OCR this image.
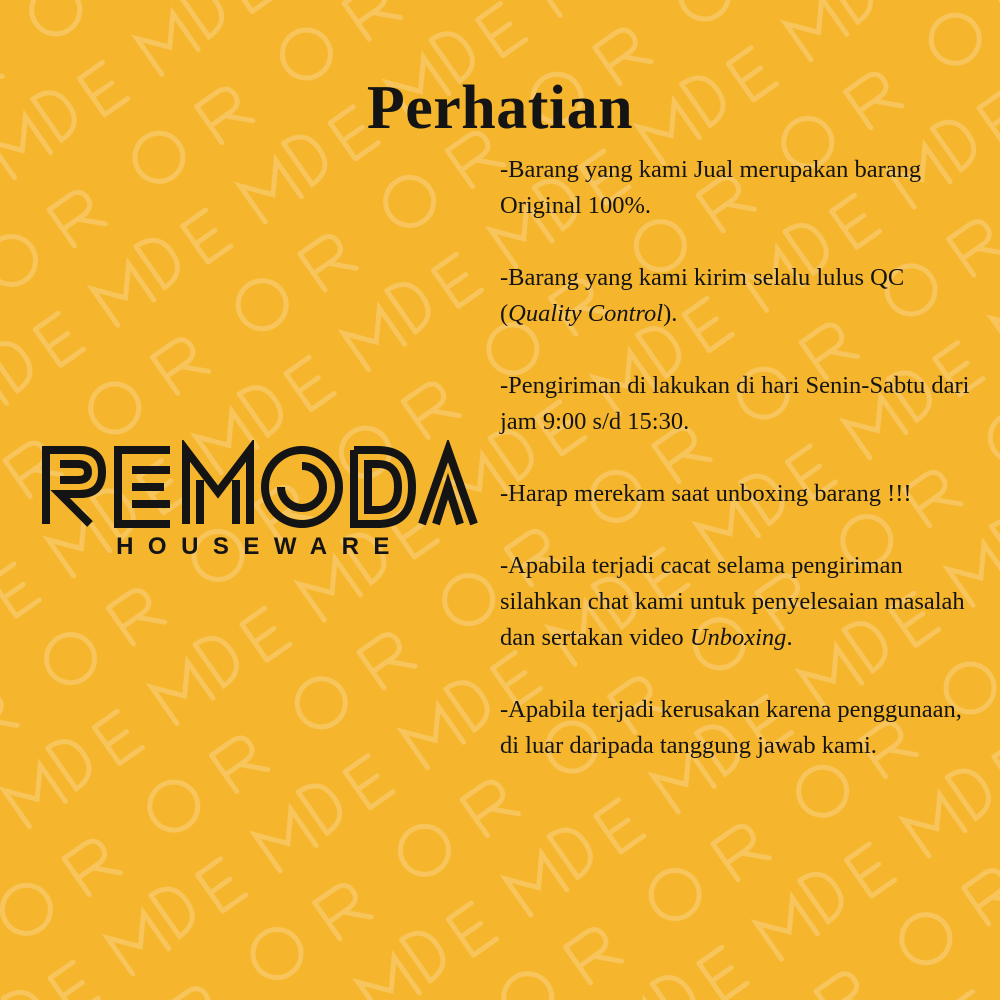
Perhatian
HOUSEWARE
-Barang yang kami Jual merupakan barang Original 100%.
-Barang yang kami kirim selalu lulus QC (Quality Control).
-Pengiriman di lakukan di hari Senin-Sabtu dari jam 9:00 s/d 15:30.
-Harap merekam saat unboxing barang !!!
-Apabila terjadi cacat selama pengiriman silahkan chat kami untuk penyelesaian masalah dan sertakan video Unboxing.
-Apabila terjadi kerusakan karena penggunaan, di luar daripada tanggung jawab kami.
